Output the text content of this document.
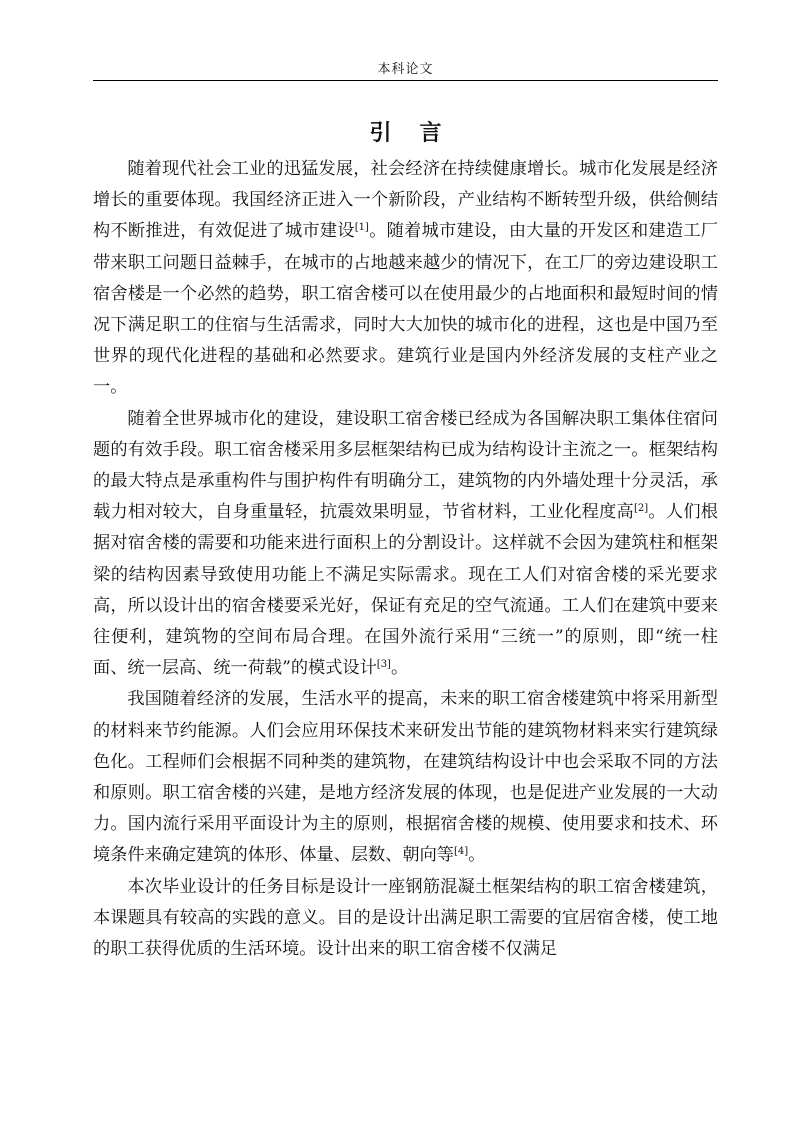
本科论文
引言

随着现代社会工业的迅猛发展，社会经济在持续健康增长。城市化发展是经济增长的重要体现。我国经济正进入一个新阶段，产业结构不断转型升级，供给侧结构不断推进，有效促进了城市建设[1]。随着城市建设，由大量的开发区和建造工厂带来职工问题日益棘手，在城市的占地越来越少的情况下，在工厂的旁边建设职工宿舍楼是一个必然的趋势，职工宿舍楼可以在使用最少的占地面积和最短时间的情况下满足职工的住宿与生活需求，同时大大加快的城市化的进程，这也是中国乃至世界的现代化进程的基础和必然要求。建筑行业是国内外经济发展的支柱产业之一。

随着全世界城市化的建设，建设职工宿舍楼已经成为各国解决职工集体住宿问题的有效手段。职工宿舍楼采用多层框架结构已成为结构设计主流之一。框架结构的最大特点是承重构件与围护构件有明确分工，建筑物的内外墙处理十分灵活，承载力相对较大，自身重量轻，抗震效果明显，节省材料，工业化程度高[2]。人们根据对宿舍楼的需要和功能来进行面积上的分割设计。这样就不会因为建筑柱和框架梁的结构因素导致使用功能上不满足实际需求。现在工人们对宿舍楼的采光要求高，所以设计出的宿舍楼要采光好，保证有充足的空气流通。工人们在建筑中要来往便利，建筑物的空间布局合理。在国外流行采用“三统一”的原则，即“统一柱面、统一层高、统一荷载”的模式设计[3]。

我国随着经济的发展，生活水平的提高，未来的职工宿舍楼建筑中将采用新型的材料来节约能源。人们会应用环保技术来研发出节能的建筑物材料来实行建筑绿色化。工程师们会根据不同种类的建筑物，在建筑结构设计中也会采取不同的方法和原则。职工宿舍楼的兴建，是地方经济发展的体现，也是促进产业发展的一大动力。国内流行采用平面设计为主的原则，根据宿舍楼的规模、使用要求和技术、环境条件来确定建筑的体形、体量、层数、朝向等[4]。

本次毕业设计的任务目标是设计一座钢筋混凝土框架结构的职工宿舍楼建筑，本课题具有较高的实践的意义。目的是设计出满足职工需要的宜居宿舍楼，使工地的职工获得优质的生活环境。设计出来的职工宿舍楼不仅满足
